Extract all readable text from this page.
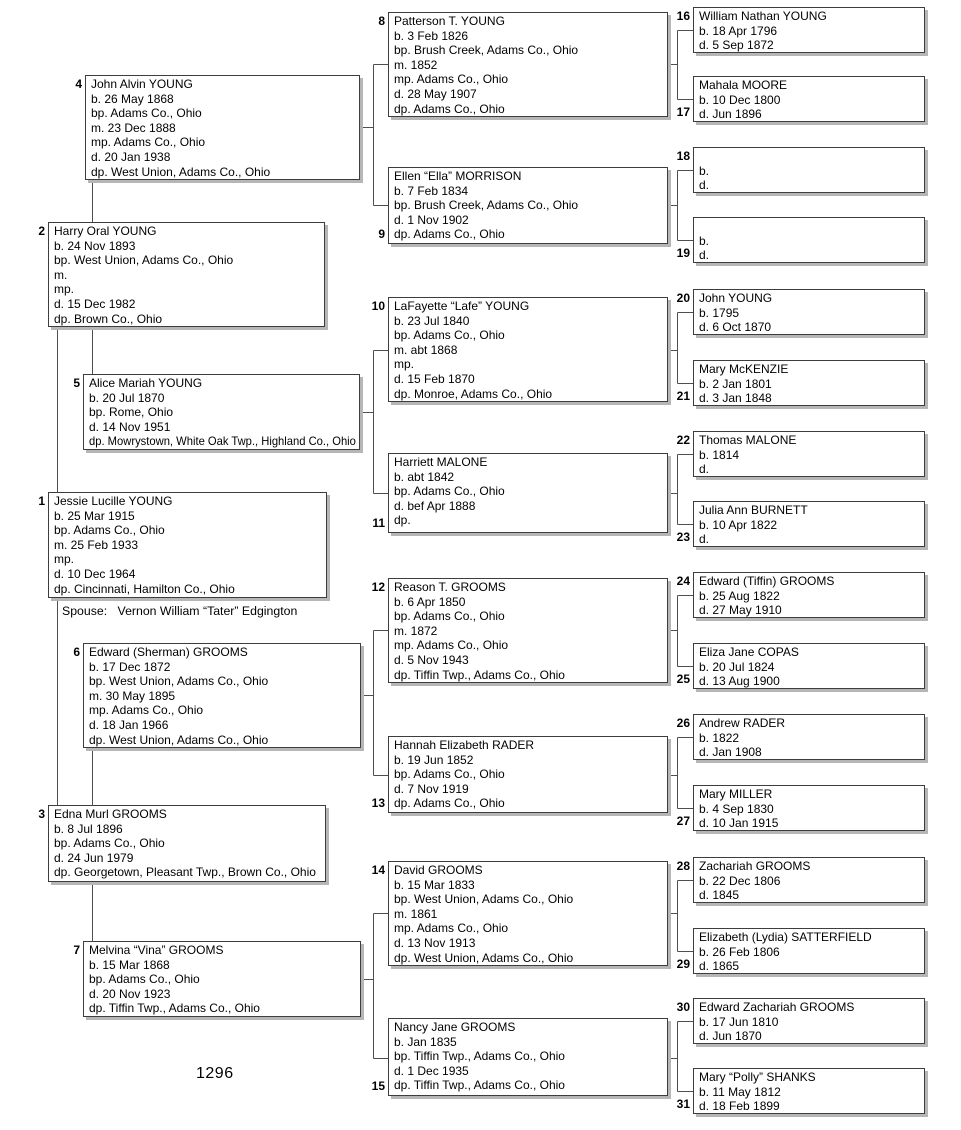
1 Jessie Lucille YOUNG
b. 25 Mar 1915
bp. Adams Co., Ohio
m. 25 Feb 1933
mp.
d. 10 Dec 1964
dp. Cincinnati, Hamilton Co., Ohio
Spouse: Vernon William “Tater” Edgington
2 Harry Oral YOUNG
b. 24 Nov 1893
bp. West Union, Adams Co., Ohio
m.
mp.
d. 15 Dec 1982
dp. Brown Co., Ohio
3 Edna Murl GROOMS
b. 8 Jul 1896
bp. Adams Co., Ohio
d. 24 Jun 1979
dp. Georgetown, Pleasant Twp., Brown Co., Ohio
4 John Alvin YOUNG
b. 26 May 1868
bp. Adams Co., Ohio
m. 23 Dec 1888
mp. Adams Co., Ohio
d. 20 Jan 1938
dp. West Union, Adams Co., Ohio
5 Alice Mariah YOUNG
b. 20 Jul 1870
bp. Rome, Ohio
d. 14 Nov 1951
dp. Mowrystown, White Oak Twp., Highland Co., Ohio
6 Edward (Sherman) GROOMS
b. 17 Dec 1872
bp. West Union, Adams Co., Ohio
m. 30 May 1895
mp. Adams Co., Ohio
d. 18 Jan 1966
dp. West Union, Adams Co., Ohio
7 Melvina “Vina” GROOMS
b. 15 Mar 1868
bp. Adams Co., Ohio
d. 20 Nov 1923
dp. Tiffin Twp., Adams Co., Ohio
8 Patterson T. YOUNG
b. 3 Feb 1826
bp. Brush Creek, Adams Co., Ohio
m. 1852
mp. Adams Co., Ohio
d. 28 May 1907
dp. Adams Co., Ohio
9
Ellen “Ella” MORRISON
b. 7 Feb 1834
bp. Brush Creek, Adams Co., Ohio
d. 1 Nov 1902
dp. Adams Co., Ohio
10 LaFayette “Lafe” YOUNG
b. 23 Jul 1840
bp. Adams Co., Ohio
m. abt 1868
mp.
d. 15 Feb 1870
dp. Monroe, Adams Co., Ohio
11
Harriett MALONE
b. abt 1842
bp. Adams Co., Ohio
d. bef Apr 1888
dp.
12 Reason T. GROOMS
b. 6 Apr 1850
bp. Adams Co., Ohio
m. 1872
mp. Adams Co., Ohio
d. 5 Nov 1943
dp. Tiffin Twp., Adams Co., Ohio
13
Hannah Elizabeth RADER
b. 19 Jun 1852
bp. Adams Co., Ohio
d. 7 Nov 1919
dp. Adams Co., Ohio
14 David GROOMS
b. 15 Mar 1833
bp. West Union, Adams Co., Ohio
m. 1861
mp. Adams Co., Ohio
d. 13 Nov 1913
dp. West Union, Adams Co., Ohio
15
Nancy Jane GROOMS
b. Jan 1835
bp. Tiffin Twp., Adams Co., Ohio
d. 1 Dec 1935
dp. Tiffin Twp., Adams Co., Ohio
16 William Nathan YOUNG
b. 18 Apr 1796
d. 5 Sep 1872
17
Mahala MOORE
b. 10 Dec 1800
d. Jun 1896
18
b.
d.
19
b.
d.
20 John YOUNG
b. 1795
d. 6 Oct 1870
21
Mary McKENZIE
b. 2 Jan 1801
d. 3 Jan 1848
22 Thomas MALONE
b. 1814
d.
23
Julia Ann BURNETT
b. 10 Apr 1822
d.
24 Edward (Tiffin) GROOMS
b. 25 Aug 1822
d. 27 May 1910
25
Eliza Jane COPAS
b. 20 Jul 1824
d. 13 Aug 1900
26 Andrew RADER
b. 1822
d. Jan 1908
27
Mary MILLER
b. 4 Sep 1830
d. 10 Jan 1915
28 Zachariah GROOMS
b. 22 Dec 1806
d. 1845
29
Elizabeth (Lydia) SATTERFIELD
b. 26 Feb 1806
d. 1865
30 Edward Zachariah GROOMS
b. 17 Jun 1810
d. Jun 1870
31
Mary “Polly” SHANKS
b. 11 May 1812
d. 18 Feb 1899
1296
